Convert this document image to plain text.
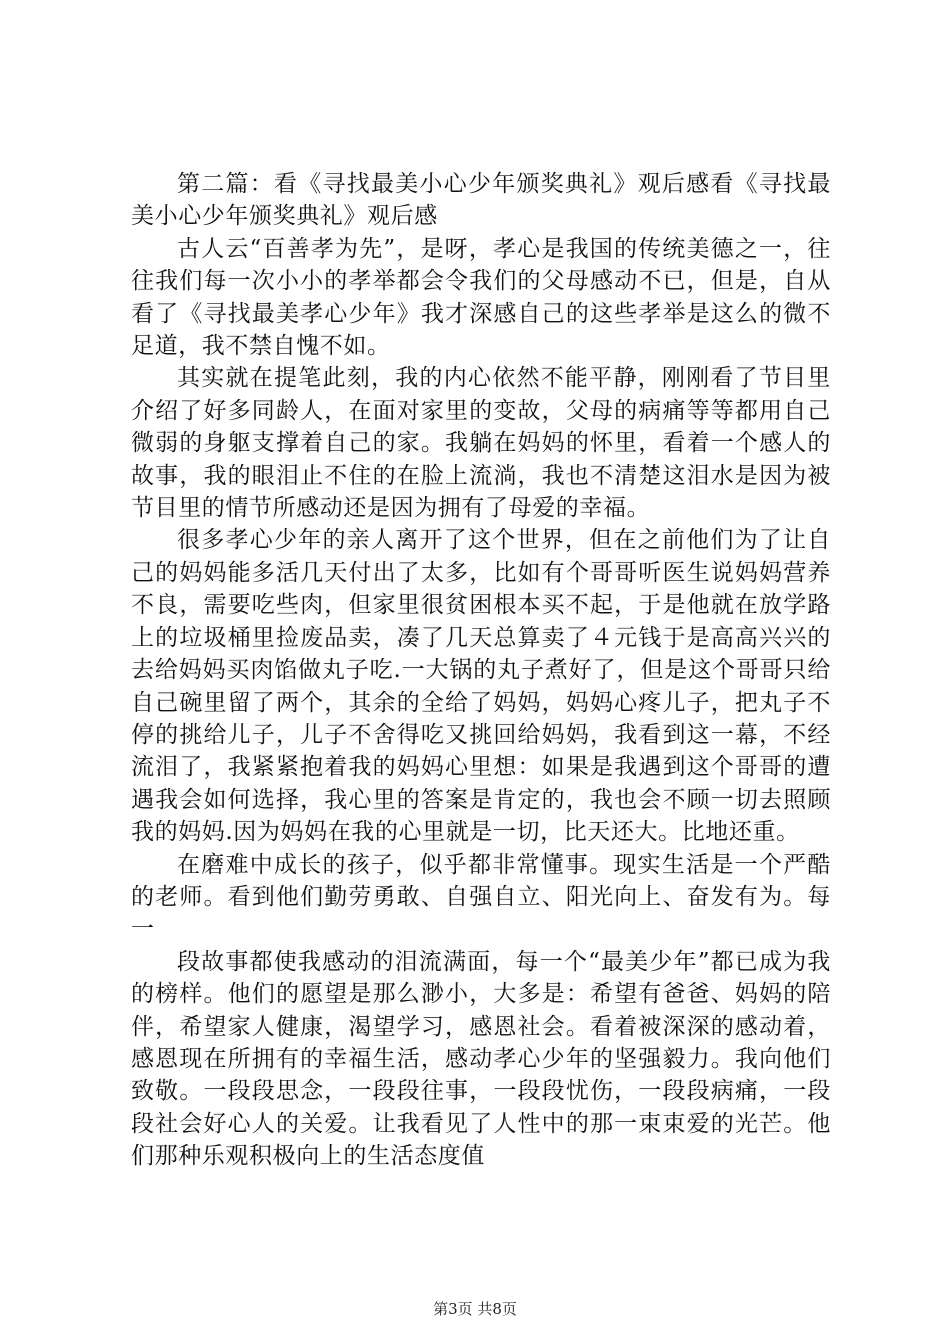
第二篇：看《寻找最美小心少年颁奖典礼》观后感看《寻找最美小心少年颁奖典礼》观后感

古人云“百善孝为先”，是呀，孝心是我国的传统美德之一，往往我们每一次小小的孝举都会令我们的父母感动不已，但是，自从看了《寻找最美孝心少年》我才深感自己的这些孝举是这么的微不足道，我不禁自愧不如。

其实就在提笔此刻，我的内心依然不能平静，刚刚看了节目里介绍了好多同龄人，在面对家里的变故，父母的病痛等等都用自己微弱的身躯支撑着自己的家。我躺在妈妈的怀里，看着一个感人的故事，我的眼泪止不住的在脸上流淌，我也不清楚这泪水是因为被节目里的情节所感动还是因为拥有了母爱的幸福。

很多孝心少年的亲人离开了这个世界，但在之前他们为了让自己的妈妈能多活几天付出了太多，比如有个哥哥听医生说妈妈营养不良，需要吃些肉，但家里很贫困根本买不起，于是他就在放学路上的垃圾桶里捡废品卖，凑了几天总算卖了４元钱于是高高兴兴的去给妈妈买肉馅做丸子吃.一大锅的丸子煮好了，但是这个哥哥只给自己碗里留了两个，其余的全给了妈妈，妈妈心疼儿子，把丸子不停的挑给儿子，儿子不舍得吃又挑回给妈妈，我看到这一幕，不经流泪了，我紧紧抱着我的妈妈心里想：如果是我遇到这个哥哥的遭遇我会如何选择，我心里的答案是肯定的，我也会不顾一切去照顾我的妈妈.因为妈妈在我的心里就是一切，比天还大。比地还重。

在磨难中成长的孩子，似乎都非常懂事。现实生活是一个严酷的老师。看到他们勤劳勇敢、自强自立、阳光向上、奋发有为。每一

段故事都使我感动的泪流满面，每一个“最美少年”都已成为我的榜样。他们的愿望是那么渺小，大多是：希望有爸爸、妈妈的陪伴，希望家人健康，渴望学习，感恩社会。看着被深深的感动着，感恩现在所拥有的幸福生活，感动孝心少年的坚强毅力。我向他们致敬。一段段思念，一段段往事，一段段忧伤，一段段病痛，一段段社会好心人的关爱。让我看见了人性中的那一束束爱的光芒。他们那种乐观积极向上的生活态度值

第3页 共8页
